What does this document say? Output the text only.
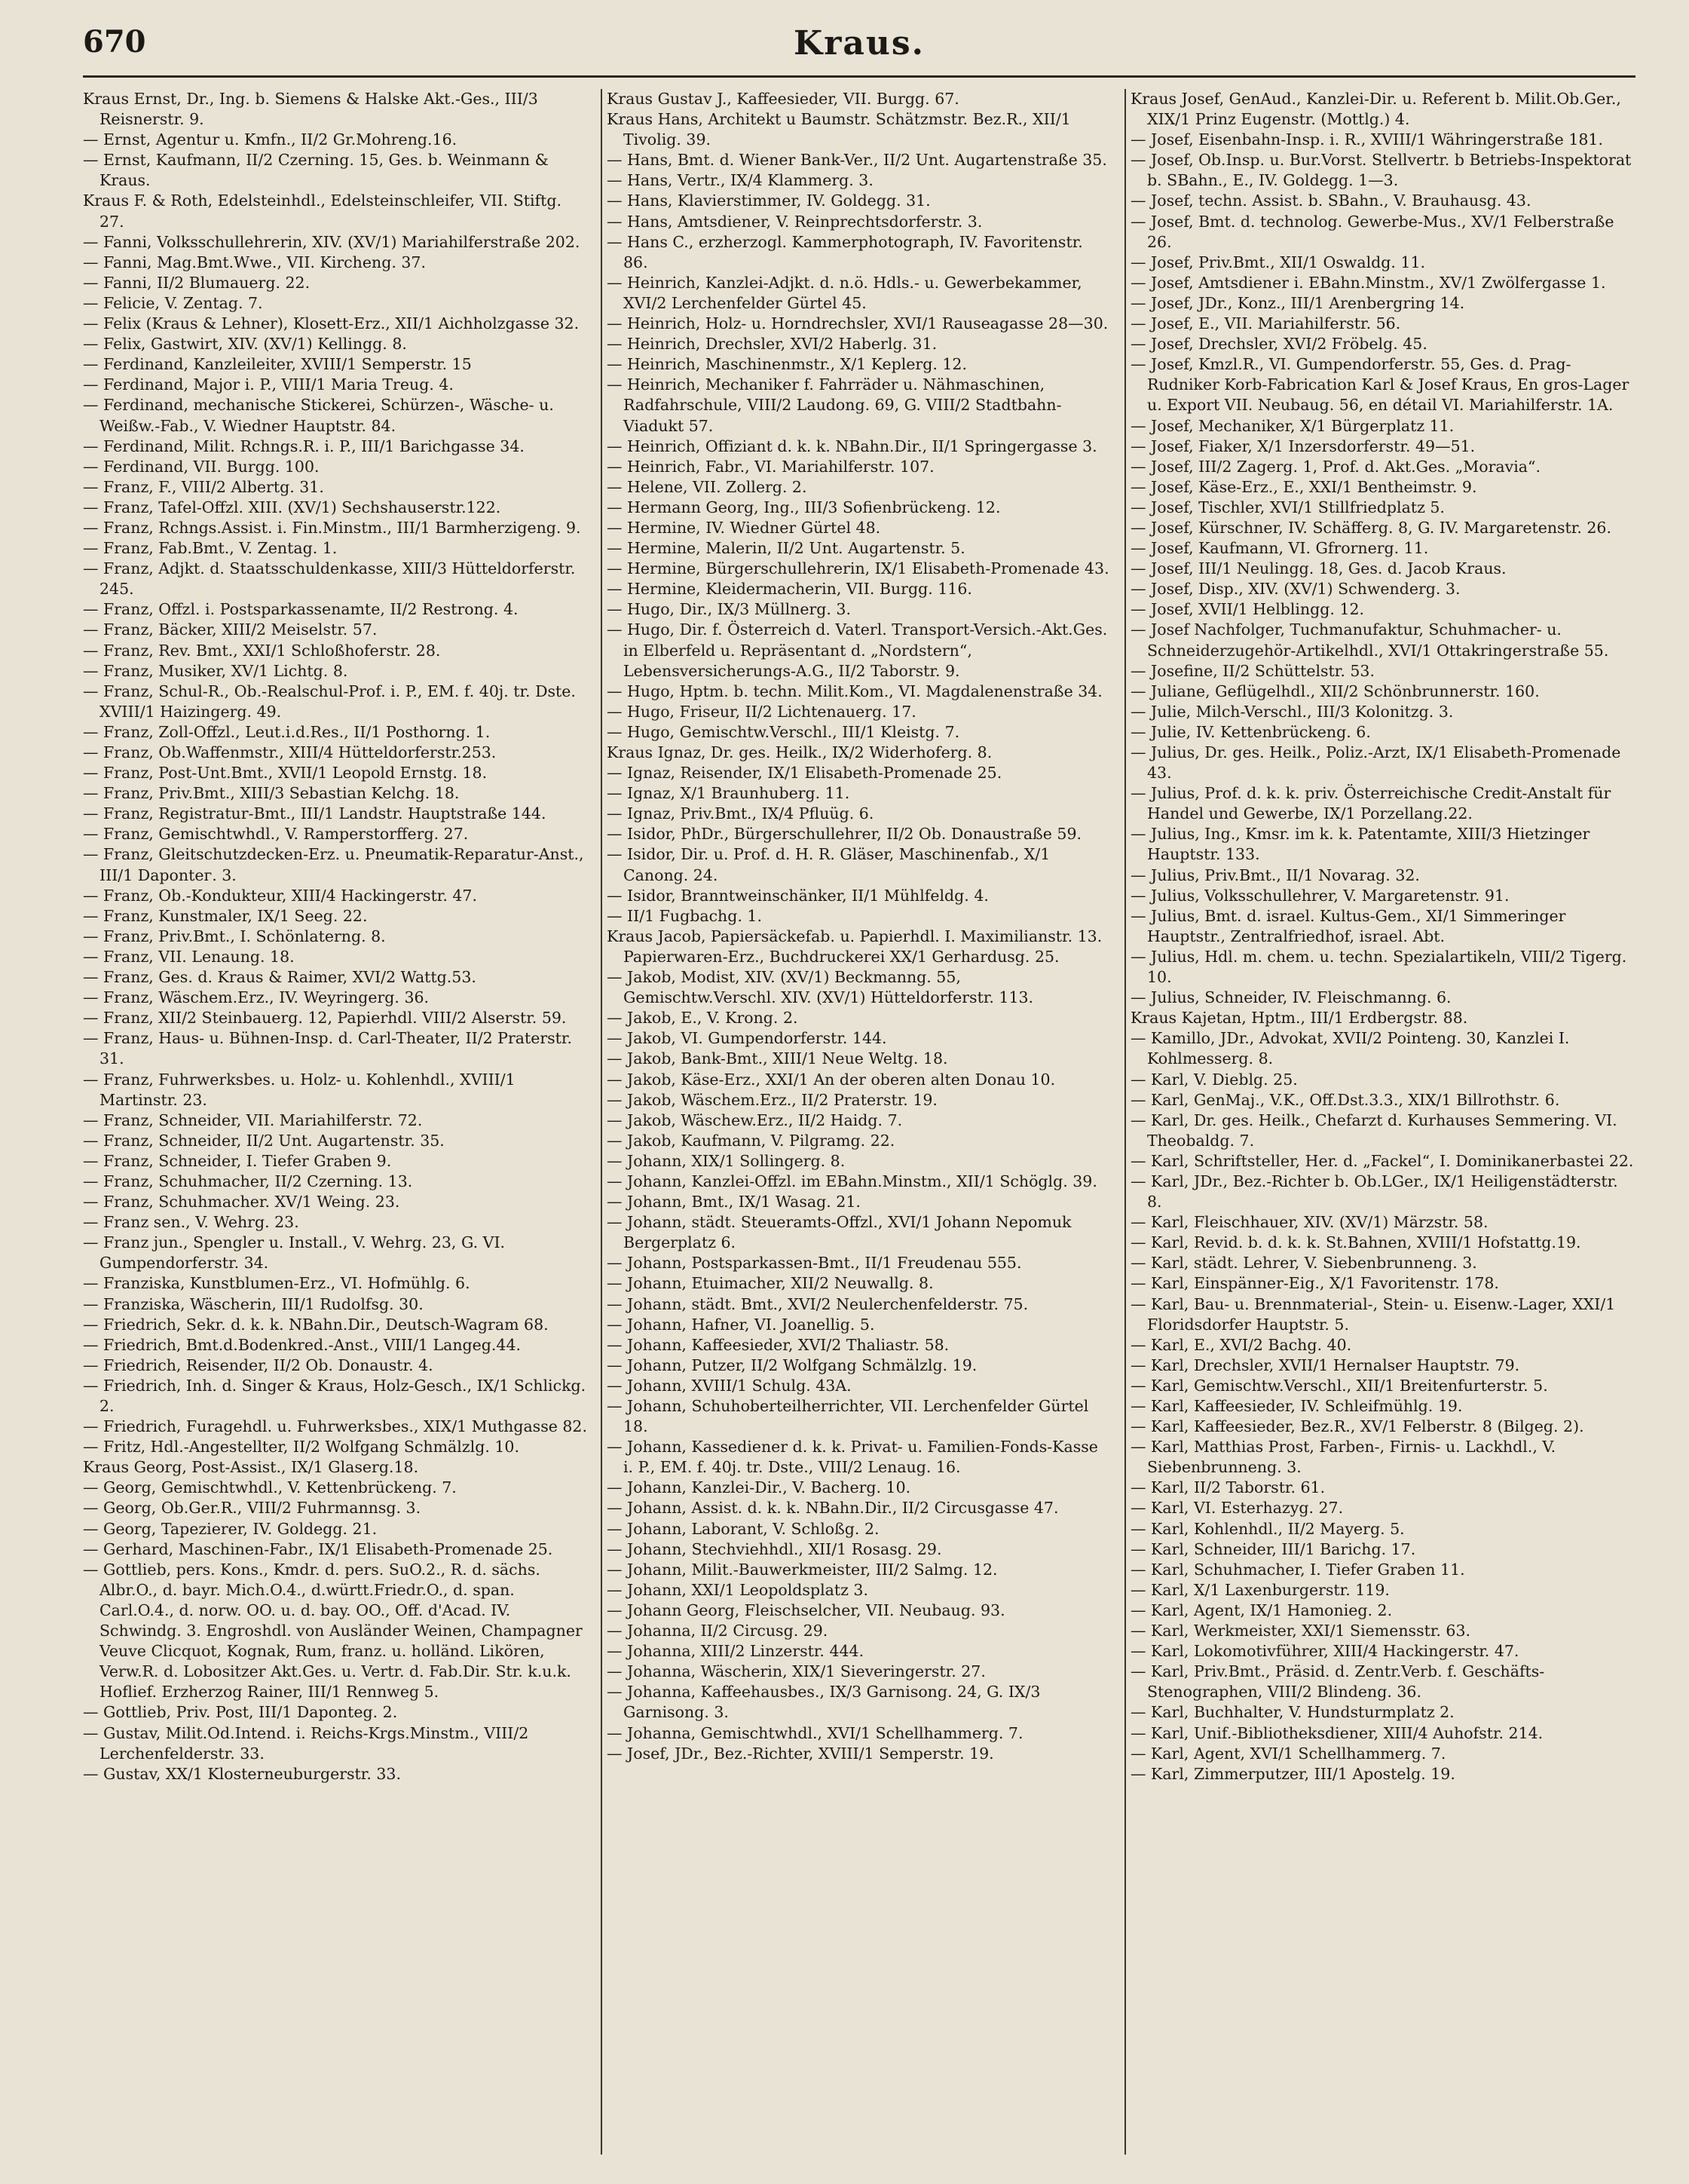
670	Kraus.

Kraus Ernst, Dr., Ing. b. Siemens & Halske Akt.-Ges., III/3 Reisnerstr. 9.

— Ernst, Agentur u. Kmfn., II/2 Gr.Mohreng.16.

— Ernst, Kaufmann, II/2 Czerning. 15, Ges. b. Weinmann & Kraus.

Kraus F. & Roth, Edelsteinhdl., Edelsteinschleifer, VII. Stiftg. 27.

— Fanni, Volksschullehrerin, XIV. (XV/1) Mariahilferstraße 202.

— Fanni, Mag.Bmt.Wwe., VII. Kircheng. 37.

— Fanni, II/2 Blumauerg. 22.

— Felicie, V. Zentag. 7.

— Felix (Kraus & Lehner), Klosett-Erz., XII/1 Aichholzgasse 32.

— Felix, Gastwirt, XIV. (XV/1) Kellingg. 8.

— Ferdinand, Kanzleileiter, XVIII/1 Semperstr. 15

— Ferdinand, Major i. P., VIII/1 Maria Treug. 4.

— Ferdinand, mechanische Stickerei, Schürzen-, Wäsche- u. Weißw.-Fab., V. Wiedner Hauptstr. 84.

— Ferdinand, Milit. Rchngs.R. i. P., III/1 Barichgasse 34.

— Ferdinand, VII. Burgg. 100.

— Franz, F., VIII/2 Albertg. 31.

— Franz, Tafel-Offzl. XIII. (XV/1) Sechshauserstr.122.

— Franz, Rchngs.Assist. i. Fin.Minstm., III/1 Barmherzigeng. 9.

— Franz, Fab.Bmt., V. Zentag. 1.

— Franz, Adjkt. d. Staatsschuldenkasse, XIII/3 Hütteldorferstr. 245.

— Franz, Offzl. i. Postsparkassenamte, II/2 Restrong. 4.

— Franz, Bäcker, XIII/2 Meiselstr. 57.

— Franz, Rev. Bmt., XXI/1 Schloßhoferstr. 28.

— Franz, Musiker, XV/1 Lichtg. 8.

— Franz, Schul-R., Ob.-Realschul-Prof. i. P., EM. f. 40j. tr. Dste. XVIII/1 Haizingerg. 49.

— Franz, Zoll-Offzl., Leut.i.d.Res., II/1 Posthorng. 1.

— Franz, Ob.Waffenmstr., XIII/4 Hütteldorferstr.253.

— Franz, Post-Unt.Bmt., XVII/1 Leopold Ernstg. 18.

— Franz, Priv.Bmt., XIII/3 Sebastian Kelchg. 18.

— Franz, Registratur-Bmt., III/1 Landstr. Hauptstraße 144.

— Franz, Gemischtwhdl., V. Ramperstorfferg. 27.

— Franz, Gleitschutzdecken-Erz. u. Pneumatik-Reparatur-Anst., III/1 Dapontег. 3.

— Franz, Ob.-Kondukteur, XIII/4 Hackingerstr. 47.

— Franz, Kunstmaler, IX/1 Seeg. 22.

— Franz, Priv.Bmt., I. Schönlaterng. 8.

— Franz, VII. Lenaung. 18.

— Franz, Ges. d. Kraus & Raimer, XVI/2 Wattg.53.

— Franz, Wäschem.Erz., IV. Weyringerg. 36.

— Franz, XII/2 Steinbauerg. 12, Papierhdl. VIII/2 Alserstr. 59.

— Franz, Haus- u. Bühnen-Insp. d. Carl-Theater, II/2 Praterstr. 31.

— Franz, Fuhrwerksbes. u. Holz- u. Kohlenhdl., XVIII/1 Martinstr. 23.

— Franz, Schneider, VII. Mariahilferstr. 72.

— Franz, Schneider, II/2 Unt. Augartenstr. 35.

— Franz, Schneider, I. Tiefer Graben 9.

— Franz, Schuhmacher, II/2 Czerning. 13.

— Franz, Schuhmacher. XV/1 Weing. 23.

— Franz sen., V. Wehrg. 23.

— Franz jun., Spengler u. Install., V. Wehrg. 23, G. VI. Gumpendorferstr. 34.

— Franziska, Kunstblumen-Erz., VI. Hofmühlg. 6.

— Franziska, Wäscherin, III/1 Rudolfsg. 30.

— Friedrich, Sekr. d. k. k. NBahn.Dir., Deutsch-Wagram 68.

— Friedrich, Bmt.d.Bodenkred.-Anst., VIII/1 Langeg.44.

— Friedrich, Reisender, II/2 Ob. Donaustr. 4.

— Friedrich, Inh. d. Singer & Kraus, Holz-Gesch., IX/1 Schlickg. 2.

— Friedrich, Furagehdl. u. Fuhrwerksbes., XIX/1 Muthgasse 82.

— Fritz, Hdl.-Angestellter, II/2 Wolfgang Schmälzlg. 10.

Kraus Georg, Post-Assist., IX/1 Glaserg.18.

— Georg, Gemischtwhdl., V. Kettenbrückeng. 7.

— Georg, Ob.Ger.R., VIII/2 Fuhrmannsg. 3.

— Georg, Tapezierer, IV. Goldegg. 21.

— Gerhard, Maschinen-Fabr., IX/1 Elisabeth-Promenade 25.

— Gottlieb, pers. Kons., Kmdr. d. pers. SuO.2., R. d. sächs. Albr.O., d. bayr. Mich.O.4., d.württ.Friedr.O., d. span. Carl.O.4., d. norw. OO. u. d. bay. OO., Off. d'Acad. IV. Schwindg. 3. Engroshdl. von Ausländer Weinen, Champagner Veuve Clicquot, Kognak, Rum, franz. u. holländ. Likören, Verw.R. d. Lobositzer Akt.Ges. u. Vertr. d. Fab.Dir. Str. k.u.k. Hoflief. Erzherzog Rainer, III/1 Rennweg 5.

— Gottlieb, Priv. Post, III/1 Daponteg. 2.

— Gustav, Milit.Od.Intend. i. Reichs-Krgs.Minstm., VIII/2 Lerchenfelderstr. 33.

— Gustav, XX/1 Klosterneuburgerstr. 33.

Kraus Gustav J., Kaffeesieder, VII. Burgg. 67.

Kraus Hans, Architekt u Baumstr. Schätzmstr. Bez.R., XII/1 Tivolig. 39.

— Hans, Bmt. d. Wiener Bank-Ver., II/2 Unt. Augartenstraße 35.

— Hans, Vertr., IX/4 Klammerg. 3.

— Hans, Klavierstimmer, IV. Goldegg. 31.

— Hans, Amtsdiener, V. Reinprechtsdorferstr. 3.

— Hans C., erzherzogl. Kammerphotograph, IV. Favoritenstr. 86.

— Heinrich, Kanzlei-Adjkt. d. n.ö. Hdls.- u. Gewerbekammer, XVI/2 Lerchenfelder Gürtel 45.

— Heinrich, Holz- u. Horndrechsler, XVI/1 Rauseagasse 28—30.

— Heinrich, Drechsler, XVI/2 Haberlg. 31.

— Heinrich, Maschinenmstr., X/1 Keplerg. 12.

— Heinrich, Mechaniker f. Fahrräder u. Nähmaschinen, Radfahrschule, VIII/2 Laudong. 69, G. VIII/2 Stadtbahn-Viadukt 57.

— Heinrich, Offiziant d. k. k. NBahn.Dir., II/1 Springergasse 3.

— Heinrich, Fabr., VI. Mariahilferstr. 107.

— Helene, VII. Zollerg. 2.

— Hermann Georg, Ing., III/3 Sofienbrückeng. 12.

— Hermine, IV. Wiedner Gürtel 48.

— Hermine, Malerin, II/2 Unt. Augartenstr. 5.

— Hermine, Bürgerschullehrerin, IX/1 Elisabeth-Promenade 43.

— Hermine, Kleidermacherin, VII. Burgg. 116.

— Hugo, Dir., IX/3 Müllnerg. 3.

— Hugo, Dir. f. Österreich d. Vaterl. Transport-Versich.-Akt.Ges. in Elberfeld u. Repräsentant d. „Nordstern“, Lebensversicherungs-A.G., II/2 Taborstr. 9.

— Hugo, Hptm. b. techn. Milit.Kom., VI. Magdalenenstraße 34.

— Hugo, Friseur, II/2 Lichtenauerg. 17.

— Hugo, Gemischtw.Verschl., III/1 Kleistg. 7.

Kraus Ignaz, Dr. ges. Heilk., IX/2 Widerhoferg. 8.

— Ignaz, Reisender, IX/1 Elisabeth-Promenade 25.

— Ignaz, X/1 Braunhuberg. 11.

— Ignaz, Priv.Bmt., IX/4 Pfluüg. 6.

— Isidor, PhDr., Bürgerschullehrer, II/2 Ob. Donaustraße 59.

— Isidor, Dir. u. Prof. d. H. R. Gläser, Maschinenfab., X/1 Canong. 24.

— Isidor, Branntweinschänker, II/1 Mühlfeldg. 4.

— II/1 Fugbachg. 1.

Kraus Jacob, Papiersäckefab. u. Papierhdl. I. Maximilianstr. 13. Papierwaren-Erz., Buchdruckerei XX/1 Gerhardusg. 25.

— Jakob, Modist, XIV. (XV/1) Beckmanng. 55, Gemischtw.Verschl. XIV. (XV/1) Hütteldorferstr. 113.

— Jakob, E., V. Krong. 2.

— Jakob, VI. Gumpendorferstr. 144.

— Jakob, Bank-Bmt., XIII/1 Neue Weltg. 18.

— Jakob, Käse-Erz., XXI/1 An der oberen alten Donau 10.

— Jakob, Wäschem.Erz., II/2 Praterstr. 19.

— Jakob, Wäschew.Erz., II/2 Haidg. 7.

— Jakob, Kaufmann, V. Pilgramg. 22.

— Johann, XIX/1 Sollingerg. 8.

— Johann, Kanzlei-Offzl. im EBahn.Minstm., XII/1 Schöglg. 39.

— Johann, Bmt., IX/1 Wasag. 21.

— Johann, städt. Steueramts-Offzl., XVI/1 Johann Nepomuk Bergerplatz 6.

— Johann, Postsparkassen-Bmt., II/1 Freudenau 555.

— Johann, Etuimacher, XII/2 Neuwallg. 8.

— Johann, städt. Bmt., XVI/2 Neulerchenfelderstr. 75.

— Johann, Hafner, VI. Joanellig. 5.

— Johann, Kaffeesieder, XVI/2 Thaliastr. 58.

— Johann, Putzer, II/2 Wolfgang Schmälzlg. 19.

— Johann, XVIII/1 Schulg. 43A.

— Johann, Schuhoberteilherrichter, VII. Lerchenfelder Gürtel 18.

— Johann, Kassediener d. k. k. Privat- u. Familien-Fonds-Kasse i. P., EM. f. 40j. tr. Dste., VIII/2 Lenaug. 16.

— Johann, Kanzlei-Dir., V. Bacherg. 10.

— Johann, Assist. d. k. k. NBahn.Dir., II/2 Circusgasse 47.

— Johann, Laborant, V. Schloßg. 2.

— Johann, Stechviehhdl., XII/1 Rosasg. 29.

— Johann, Milit.-Bauwerkmeister, III/2 Salmg. 12.

— Johann, XXI/1 Leopoldsplatz 3.

— Johann Georg, Fleischselcher, VII. Neubaug. 93.

— Johanna, II/2 Circusg. 29.

— Johanna, XIII/2 Linzerstr. 444.

— Johanna, Wäscherin, XIX/1 Sieveringerstr. 27.

— Johanna, Kaffeehausbes., IX/3 Garnisong. 24, G. IX/3 Garnisong. 3.

— Johanna, Gemischtwhdl., XVI/1 Schellhammerg. 7.

— Josef, JDr., Bez.-Richter, XVIII/1 Semperstr. 19.

Kraus Josef, GenAud., Kanzlei-Dir. u. Referent b. Milit.Ob.Ger., XIX/1 Prinz Eugenstr. (Mottlg.) 4.

— Josef, Eisenbahn-Insp. i. R., XVIII/1 Währingerstraße 181.

— Josef, Ob.Insp. u. Bur.Vorst. Stellvertr. b Betriebs-Inspektorat b. SBahn., E., IV. Goldegg. 1—3.

— Josef, techn. Assist. b. SBahn., V. Brauhausg. 43.

— Josef, Bmt. d. technolog. Gewerbe-Mus., XV/1 Felberstraße 26.

— Josef, Priv.Bmt., XII/1 Oswaldg. 11.

— Josef, Amtsdiener i. EBahn.Minstm., XV/1 Zwölfergasse 1.

— Josef, JDr., Konz., III/1 Arenbergring 14.

— Josef, E., VII. Mariahilferstr. 56.

— Josef, Drechsler, XVI/2 Fröbelg. 45.

— Josef, Kmzl.R., VI. Gumpendorferstr. 55, Ges. d. Prag-Rudniker Korb-Fabrication Karl & Josef Kraus, En gros-Lager u. Export VII. Neubaug. 56, en détail VI. Mariahilferstr. 1A.

— Josef, Mechaniker, X/1 Bürgerplatz 11.

— Josef, Fiaker, X/1 Inzersdorferstr. 49—51.

— Josef, III/2 Zagerg. 1, Prof. d. Akt.Ges. „Moravia“.

— Josef, Käse-Erz., E., XXI/1 Bentheimstr. 9.

— Josef, Tischler, XVI/1 Stillfriedplatz 5.

— Josef, Kürschner, IV. Schäfferg. 8, G. IV. Margaretenstr. 26.

— Josef, Kaufmann, VI. Gfrornerg. 11.

— Josef, III/1 Neulingg. 18, Ges. d. Jacob Kraus.

— Josef, Disp., XIV. (XV/1) Schwenderg. 3.

— Josef, XVII/1 Helblingg. 12.

— Josef Nachfolger, Tuchmanufaktur, Schuhmacher- u. Schneiderzugehör-Artikelhdl., XVI/1 Ottakringerstraße 55.

— Josefine, II/2 Schüttelstr. 53.

— Juliane, Geflügelhdl., XII/2 Schönbrunnerstr. 160.

— Julie, Milch-Verschl., III/3 Kolonitzg. 3.

— Julie, IV. Kettenbrückeng. 6.

— Julius, Dr. ges. Heilk., Poliz.-Arzt, IX/1 Elisabeth-Promenade 43.

— Julius, Prof. d. k. k. priv. Österreichische Credit-Anstalt für Handel und Gewerbe, IX/1 Porzellang.22.

— Julius, Ing., Kmsr. im k. k. Patentamte, XIII/3 Hietzinger Hauptstr. 133.

— Julius, Priv.Bmt., II/1 Novarag. 32.

— Julius, Volksschullehrer, V. Margaretenstr. 91.

— Julius, Bmt. d. israel. Kultus-Gem., XI/1 Simmeringer Hauptstr., Zentralfriedhof, israel. Abt.

— Julius, Hdl. m. chem. u. techn. Spezialartikeln, VIII/2 Tigerg. 10.

— Julius, Schneider, IV. Fleischmanng. 6.

Kraus Kajetan, Hptm., III/1 Erdbergstr. 88.

— Kamillo, JDr., Advokat, XVII/2 Pointeng. 30, Kanzlei I. Kohlmesserg. 8.

— Karl, V. Dieblg. 25.

— Karl, GenMaj., V.K., Off.Dst.3.3., XIX/1 Billrothstr. 6.

— Karl, Dr. ges. Heilk., Chefarzt d. Kurhauses Semmering. VI. Theobaldg. 7.

— Karl, Schriftsteller, Her. d. „Fackel“, I. Dominikanerbastei 22.

— Karl, JDr., Bez.-Richter b. Ob.LGer., IX/1 Heiligenstädterstr. 8.

— Karl, Fleischhauer, XIV. (XV/1) Märzstr. 58.

— Karl, Revid. b. d. k. k. St.Bahnen, XVIII/1 Hofstattg.19.

— Karl, städt. Lehrer, V. Siebenbrunneng. 3.

— Karl, Einspänner-Eig., X/1 Favoritenstr. 178.

— Karl, Bau- u. Brennmaterial-, Stein- u. Eisenw.-Lager, XXI/1 Floridsdorfer Hauptstr. 5.

— Karl, E., XVI/2 Bachg. 40.

— Karl, Drechsler, XVII/1 Hernalser Hauptstr. 79.

— Karl, Gemischtw.Verschl., XII/1 Breitenfurterstr. 5.

— Karl, Kaffeesieder, IV. Schleifmühlg. 19.

— Karl, Kaffeesieder, Bez.R., XV/1 Felberstr. 8 (Bilgeg. 2).

— Karl, Matthias Prost, Farben-, Firnis- u. Lackhdl., V. Siebenbrunneng. 3.

— Karl, II/2 Taborstr. 61.

— Karl, VI. Esterhazyg. 27.

— Karl, Kohlenhdl., II/2 Mayerg. 5.

— Karl, Schneider, III/1 Barichg. 17.

— Karl, Schuhmacher, I. Tiefer Graben 11.

— Karl, X/1 Laxenburgerstr. 119.

— Karl, Agent, IX/1 Hamonieg. 2.

— Karl, Werkmeister, XXI/1 Siemensstr. 63.

— Karl, Lokomotivführer, XIII/4 Hackingerstr. 47.

— Karl, Priv.Bmt., Präsid. d. Zentr.Verb. f. Geschäfts-Stenographen, VIII/2 Blindeng. 36.

— Karl, Buchhalter, V. Hundsturmplatz 2.

— Karl, Unif.-Bibliotheksdiener, XIII/4 Auhofstr. 214.

— Karl, Agent, XVI/1 Schellhammerg. 7.

— Karl, Zimmerputzer, III/1 Apostelg. 19.
